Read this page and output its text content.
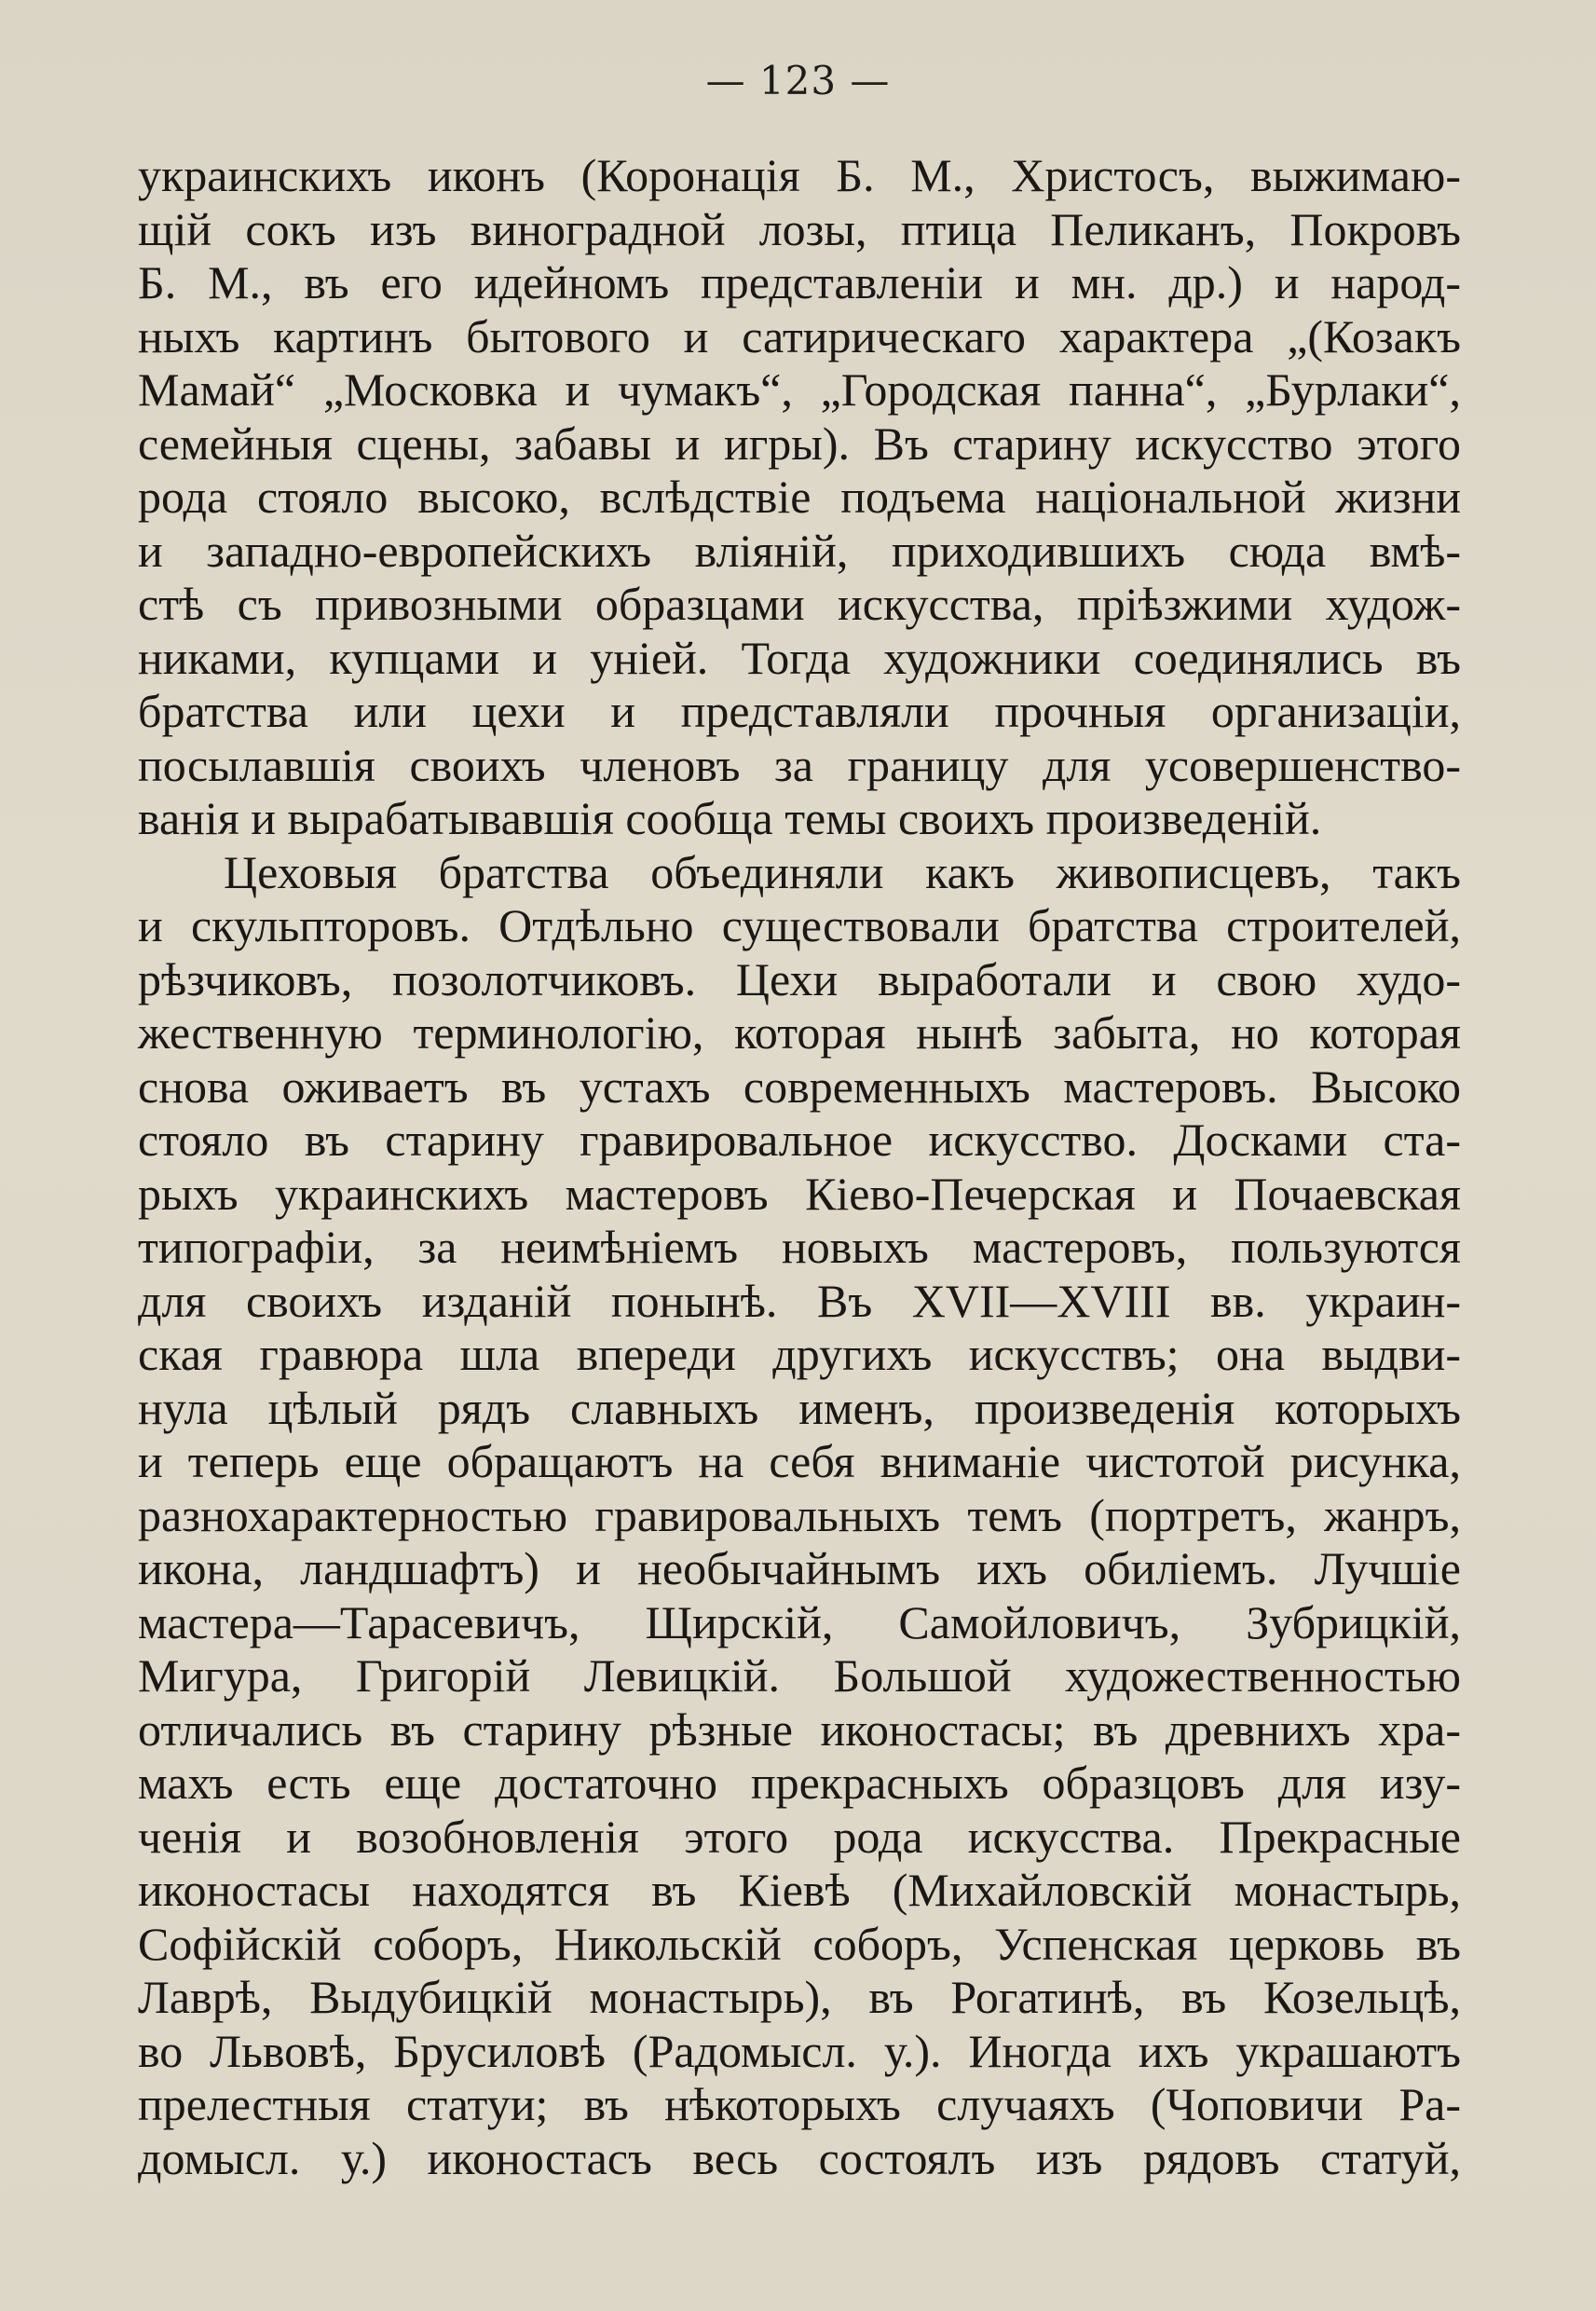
— 123 —
украинскихъ иконъ (Коронація Б. М., Христосъ, выжимаю-
щій сокъ изъ виноградной лозы, птица Пеликанъ, Покровъ
Б. М., въ его идейномъ представленіи и мн. др.) и народ-
ныхъ картинъ бытового и сатирическаго характера „(Козакъ
Мамай“ „Московка и чумакъ“, „Городская панна“, „Бурлаки“,
семейныя сцены, забавы и игры). Въ старину искусство этого
рода стояло высоко, вслѣдствіе подъема національной жизни
и западно-европейскихъ вліяній, приходившихъ сюда вмѣ-
стѣ съ привозными образцами искусства, пріѣзжими худож-
никами, купцами и уніей. Тогда художники соединялись въ
братства или цехи и представляли прочныя организаціи,
посылавшія своихъ членовъ за границу для усовершенство-
ванія и вырабатывавшія сообща темы своихъ произведеній.
Цеховыя братства объединяли какъ живописцевъ, такъ
и скульпторовъ. Отдѣльно существовали братства строителей,
рѣзчиковъ, позолотчиковъ. Цехи выработали и свою худо-
жественную терминологію, которая нынѣ забыта, но которая
снова оживаетъ въ устахъ современныхъ мастеровъ. Высоко
стояло въ старину гравировальное искусство. Досками ста-
рыхъ украинскихъ мастеровъ Кіево-Печерская и Почаевская
типографіи, за неимѣніемъ новыхъ мастеровъ, пользуются
для своихъ изданій понынѣ. Въ XVII—XVIII вв. украин-
ская гравюра шла впереди другихъ искусствъ; она выдви-
нула цѣлый рядъ славныхъ именъ, произведенія которыхъ
и теперь еще обращаютъ на себя вниманіе чистотой рисунка,
разнохарактерностью гравировальныхъ темъ (портретъ, жанръ,
икона, ландшафтъ) и необычайнымъ ихъ обиліемъ. Лучшіе
мастера—Тарасевичъ, Щирскій, Самойловичъ, Зубрицкій,
Мигура, Григорій Левицкій. Большой художественностью
отличались въ старину рѣзные иконостасы; въ древнихъ хра-
махъ есть еще достаточно прекрасныхъ образцовъ для изу-
ченія и возобновленія этого рода искусства. Прекрасные
иконостасы находятся въ Кіевѣ (Михайловскій монастырь,
Софійскій соборъ, Никольскій соборъ, Успенская церковь въ
Лаврѣ, Выдубицкій монастырь), въ Рогатинѣ, въ Козельцѣ,
во Львовѣ, Брусиловѣ (Радомысл. у.). Иногда ихъ украшаютъ
прелестныя статуи; въ нѣкоторыхъ случаяхъ (Чоповичи Ра-
домысл. у.) иконостасъ весь состоялъ изъ рядовъ статуй,
